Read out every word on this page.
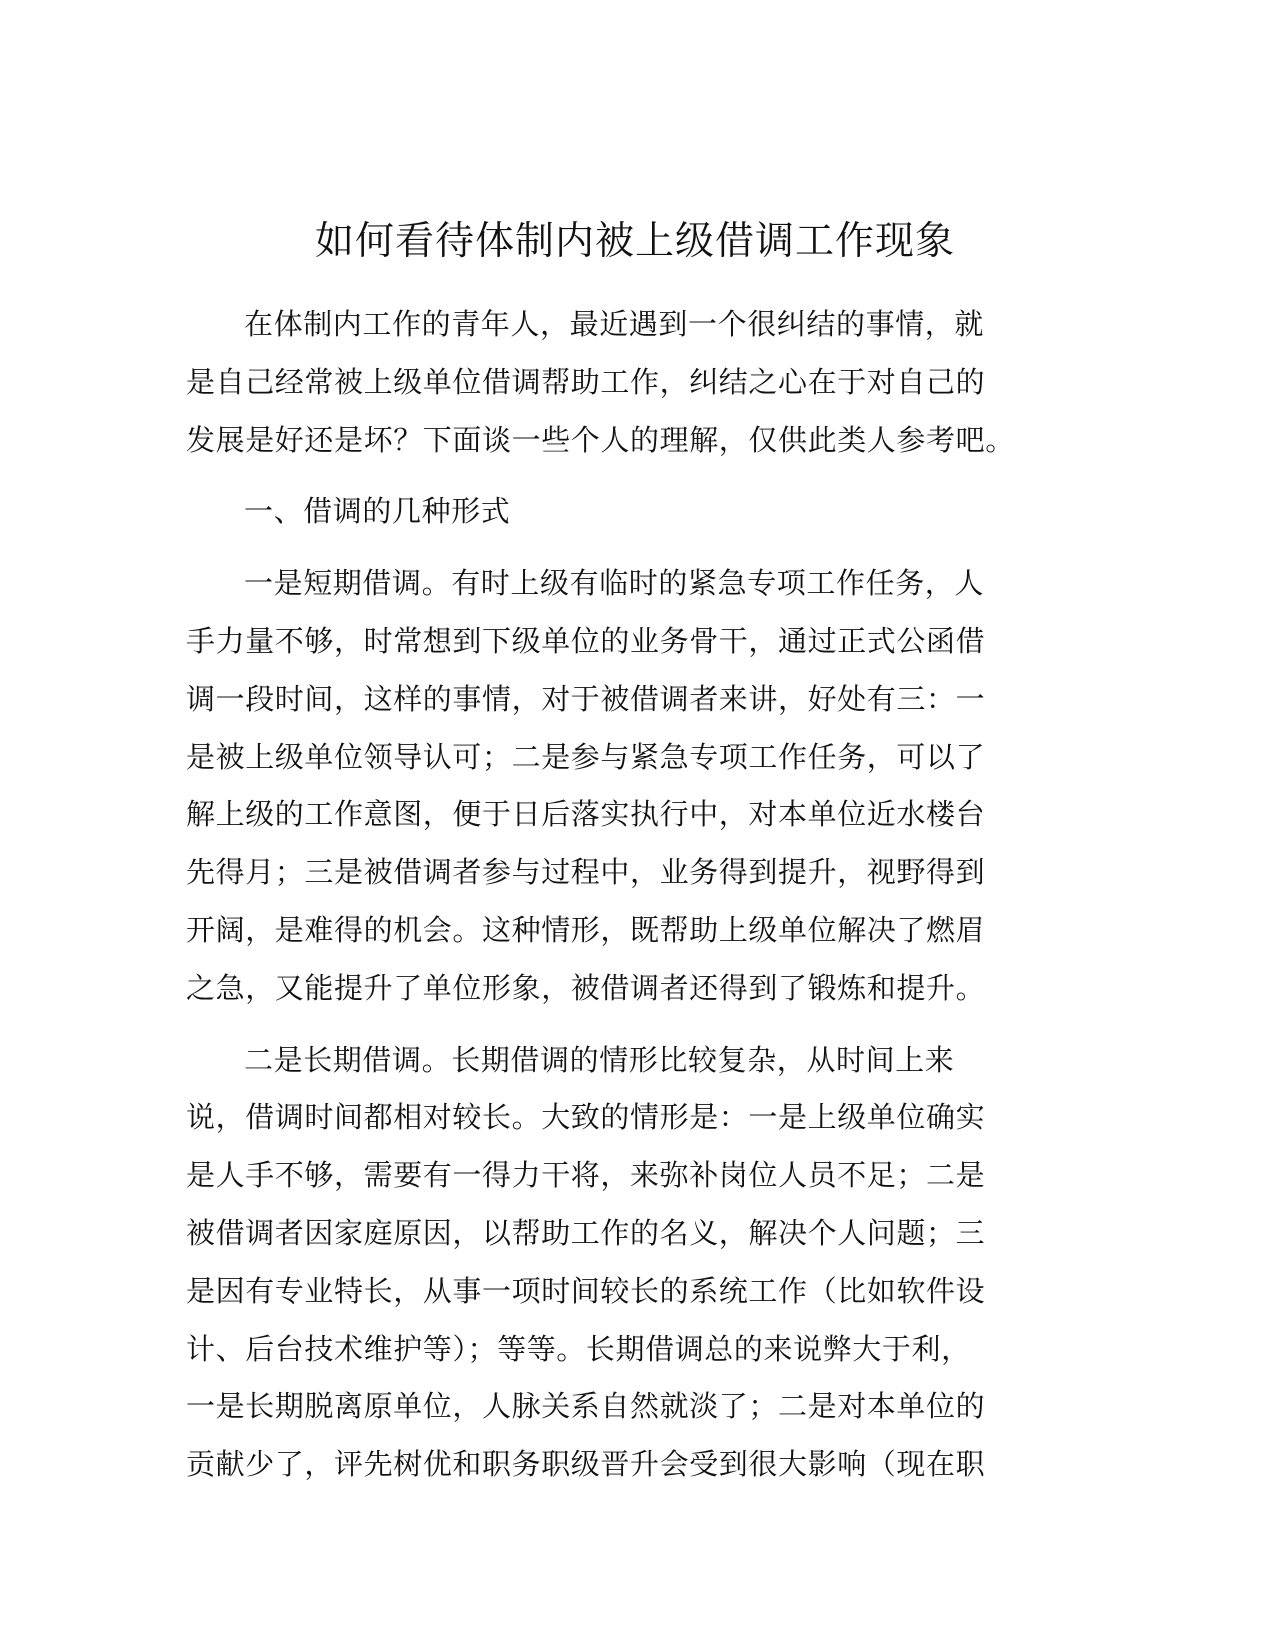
如何看待体制内被上级借调工作现象

在体制内工作的青年人，最近遇到一个很纠结的事情，就
是自己经常被上级单位借调帮助工作，纠结之心在于对自己的
发展是好还是坏？下面谈一些个人的理解，仅供此类人参考吧。

一、借调的几种形式

一是短期借调。有时上级有临时的紧急专项工作任务，人
手力量不够，时常想到下级单位的业务骨干，通过正式公函借
调一段时间，这样的事情，对于被借调者来讲，好处有三：一
是被上级单位领导认可；二是参与紧急专项工作任务，可以了
解上级的工作意图，便于日后落实执行中，对本单位近水楼台
先得月；三是被借调者参与过程中，业务得到提升，视野得到
开阔，是难得的机会。这种情形，既帮助上级单位解决了燃眉
之急，又能提升了单位形象，被借调者还得到了锻炼和提升。

二是长期借调。长期借调的情形比较复杂，从时间上来
说，借调时间都相对较长。大致的情形是：一是上级单位确实
是人手不够，需要有一得力干将，来弥补岗位人员不足；二是
被借调者因家庭原因，以帮助工作的名义，解决个人问题；三
是因有专业特长，从事一项时间较长的系统工作（比如软件设
计、后台技术维护等）；等等。长期借调总的来说弊大于利，
一是长期脱离原单位，人脉关系自然就淡了；二是对本单位的
贡献少了，评先树优和职务职级晋升会受到很大影响（现在职
